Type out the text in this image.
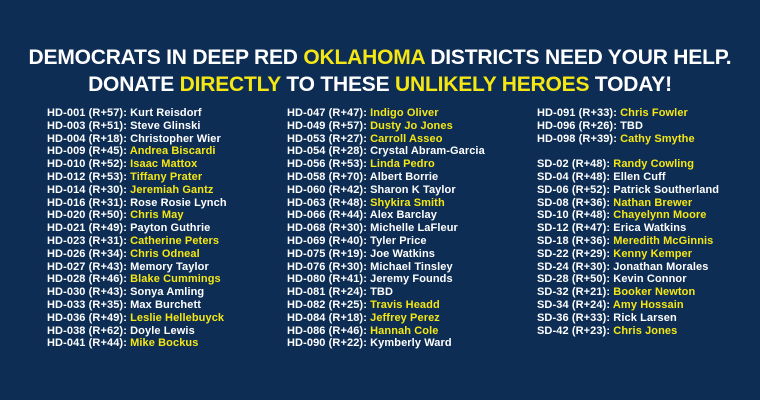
DEMOCRATS IN DEEP RED OKLAHOMA DISTRICTS NEED YOUR HELP.
DONATE DIRECTLY TO THESE UNLIKELY HEROES TODAY!
HD-001 (R+57): Kurt Reisdorf
HD-003 (R+51): Steve Glinski
HD-004 (R+18): Christopher Wier
HD-009 (R+45): Andrea Biscardi
HD-010 (R+52): Isaac Mattox
HD-012 (R+53): Tiffany Prater
HD-014 (R+30): Jeremiah Gantz
HD-016 (R+31): Rose Rosie Lynch
HD-020 (R+50): Chris May
HD-021 (R+49): Payton Guthrie
HD-023 (R+31): Catherine Peters
HD-026 (R+34): Chris Odneal
HD-027 (R+43): Memory Taylor
HD-028 (R+46): Blake Cummings
HD-030 (R+43): Sonya Amling
HD-033 (R+35): Max Burchett
HD-036 (R+49): Leslie Hellebuyck
HD-038 (R+62): Doyle Lewis
HD-041 (R+44): Mike Bockus
HD-047 (R+47): Indigo Oliver
HD-049 (R+57): Dusty Jo Jones
HD-053 (R+27): Carroll Asseo
HD-054 (R+28): Crystal Abram-Garcia
HD-056 (R+53): Linda Pedro
HD-058 (R+70): Albert Borrie
HD-060 (R+42): Sharon K Taylor
HD-063 (R+48): Shykira Smith
HD-066 (R+44): Alex Barclay
HD-068 (R+30): Michelle LaFleur
HD-069 (R+40): Tyler Price
HD-075 (R+19): Joe Watkins
HD-076 (R+30): Michael Tinsley
HD-080 (R+41): Jeremy Founds
HD-081 (R+24): TBD
HD-082 (R+25): Travis Headd
HD-084 (R+18): Jeffrey Perez
HD-086 (R+46): Hannah Cole
HD-090 (R+22): Kymberly Ward
HD-091 (R+33): Chris Fowler
HD-096 (R+26): TBD
HD-098 (R+39): Cathy Smythe
SD-02 (R+48): Randy Cowling
SD-04 (R+48): Ellen Cuff
SD-06 (R+52): Patrick Southerland
SD-08 (R+36): Nathan Brewer
SD-10 (R+48): Chayelynn Moore
SD-12 (R+47): Erica Watkins
SD-18 (R+36): Meredith McGinnis
SD-22 (R+29): Kenny Kemper
SD-24 (R+30): Jonathan Morales
SD-28 (R+50): Kevin Connor
SD-32 (R+21): Booker Newton
SD-34 (R+24): Amy Hossain
SD-36 (R+33): Rick Larsen
SD-42 (R+23): Chris Jones
